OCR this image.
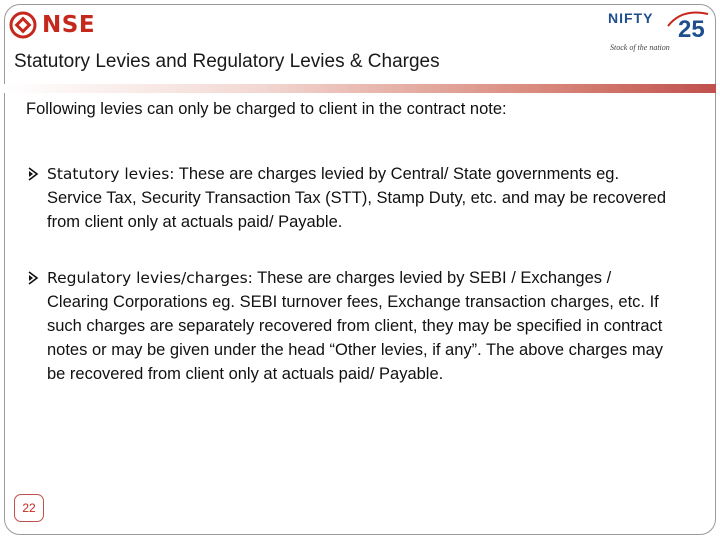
NSE	NIFTY 25
Stock of the nation
Statutory Levies and Regulatory Levies & Charges
Following levies can only be charged to client in the contract note:
Statutory levies: These are charges levied by Central/ State governments eg. Service Tax, Security Transaction Tax (STT), Stamp Duty, etc. and may be recovered from client only at actuals paid/ Payable.
Regulatory levies/charges: These are charges levied by SEBI / Exchanges / Clearing Corporations eg. SEBI turnover fees, Exchange transaction charges, etc. If such charges are separately recovered from client, they may be specified in contract notes or may be given under the head “Other levies, if any”. The above charges may be recovered from client only at actuals paid/ Payable.
22
